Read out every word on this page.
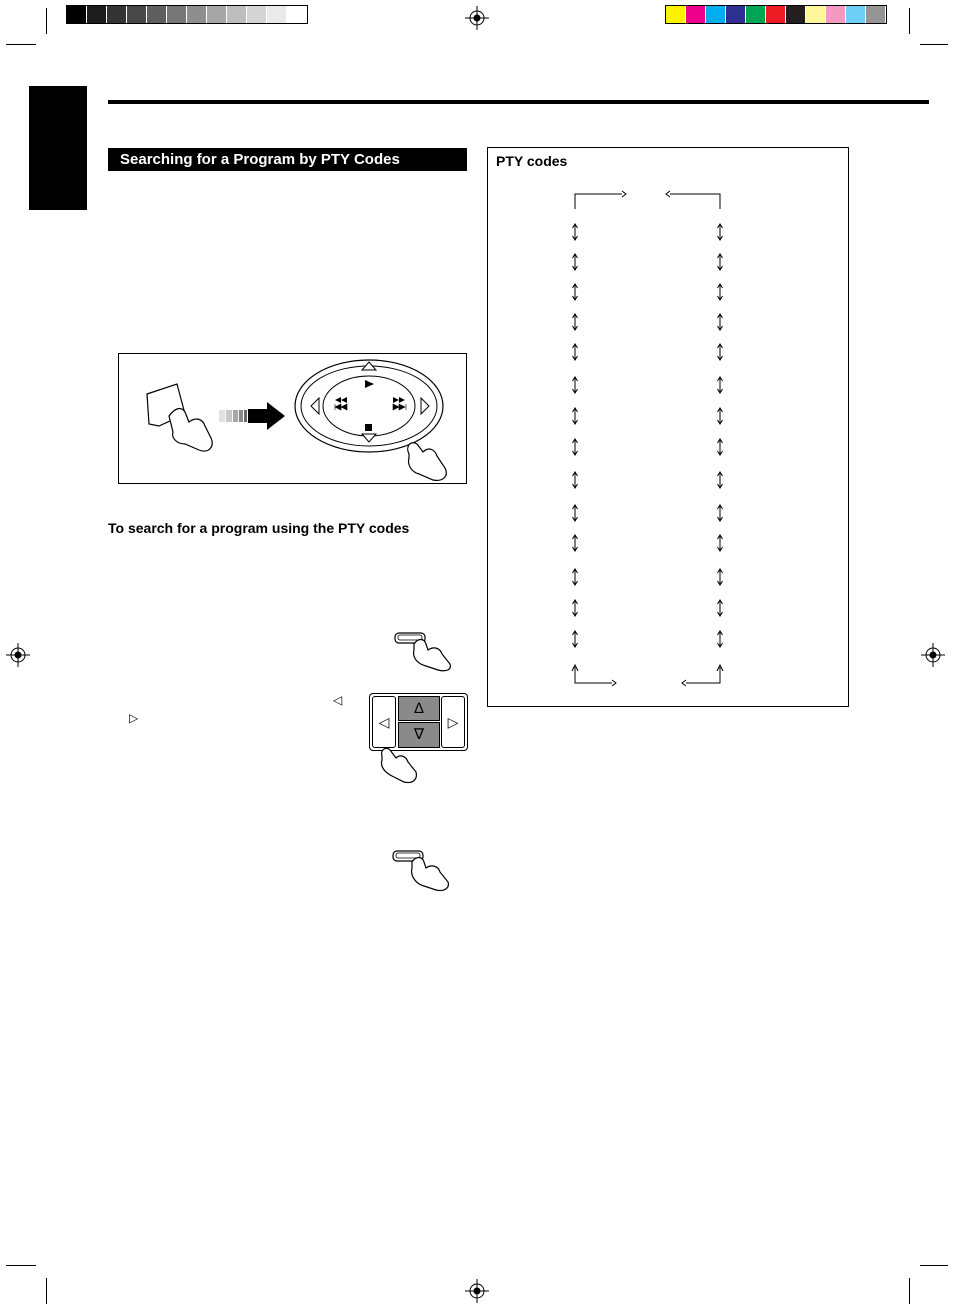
Searching for a Program by PTY Codes
To search for a program using the PTY codes
◁
▷	◁
∆
∇
▷
PTY codes
